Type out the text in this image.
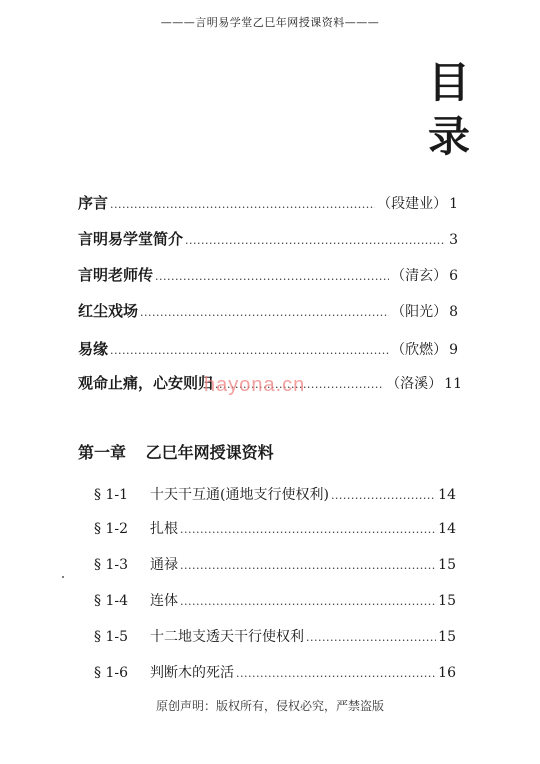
———言明易学堂乙巳年网授课资料———
目
录
序言 .....	（段建业） 1
言明易学堂简介 .....	3
言明老师传 .....	（清玄） 6
红尘戏场 .....	（阳光） 8
易缘 .....	（欣燃） 9
观命止痛，心安则归 .....	（洛溪） 11
hayona.cn
第一章 乙巳年网授课资料
§ 1-1	十天干互通(通地支行使权利) .....	14
§ 1-2	扎根 .....	14
§ 1-3	通禄 .....	15
§ 1-4	连体 .....	15
§ 1-5	十二地支透天干行使权利 .....	15
§ 1-6	判断木的死活 .....	16
原创声明：版权所有，侵权必究，严禁盗版
